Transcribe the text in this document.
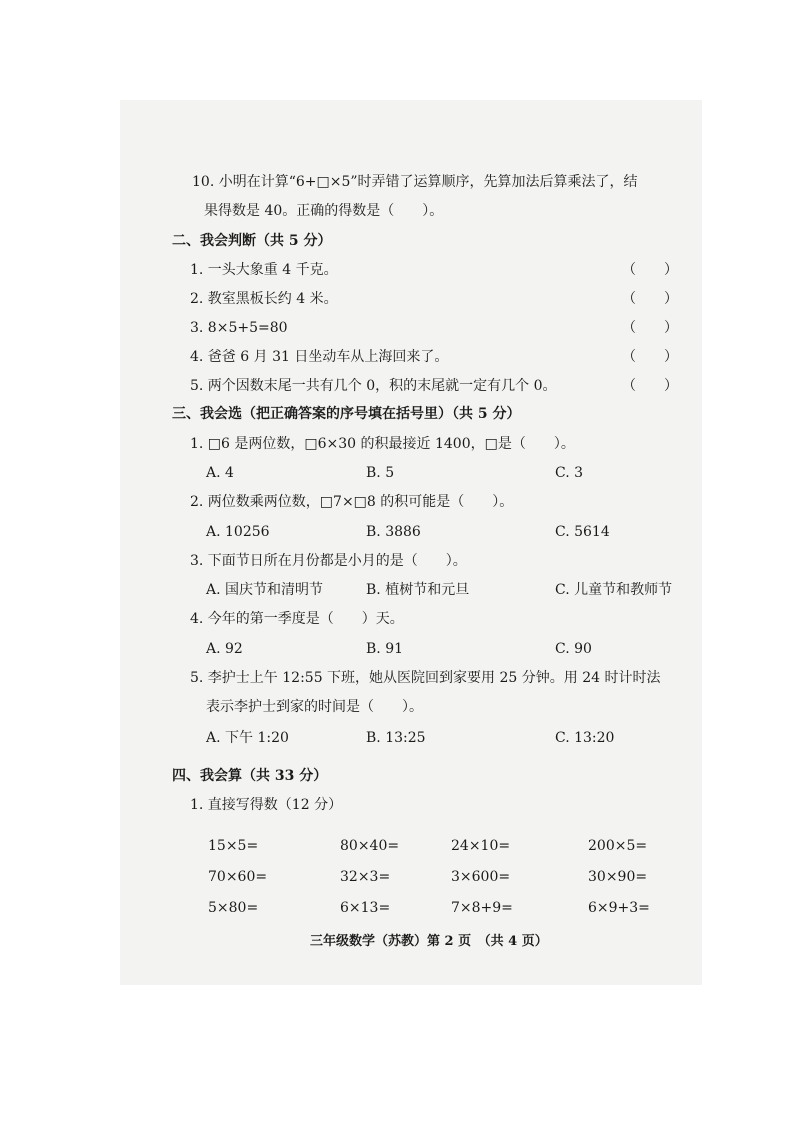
10. 小明在计算“6+□×5”时弄错了运算顺序，先算加法后算乘法了，结
果得数是 40。正确的得数是（　　）。
二、我会判断（共 5 分）
1. 一头大象重 4 千克。	（　　）
2. 教室黑板长约 4 米。	（　　）
3. 8×5+5=80	（　　）
4. 爸爸 6 月 31 日坐动车从上海回来了。	（　　）
5. 两个因数末尾一共有几个 0，积的末尾就一定有几个 0。	（　　）
三、我会选（把正确答案的序号填在括号里）（共 5 分）
1. □6 是两位数，□6×30 的积最接近 1400，□是（　　）。
A. 4	B. 5	C. 3
2. 两位数乘两位数，□7×□8 的积可能是（　　）。
A. 10256	B. 3886	C. 5614
3. 下面节日所在月份都是小月的是（　　）。
A. 国庆节和清明节	B. 植树节和元旦	C. 儿童节和教师节
4. 今年的第一季度是（　　）天。
A. 92	B. 91	C. 90
5. 李护士上午 12:55 下班，她从医院回到家要用 25 分钟。用 24 时计时法
表示李护士到家的时间是（　　）。
A. 下午 1:20	B. 13:25	C. 13:20
四、我会算（共 33 分）
1. 直接写得数（12 分）
15×5=	80×40=	24×10=	200×5=
70×60=	32×3=	3×600=	30×90=
5×80=	6×13=	7×8+9=	6×9+3=
三年级数学（苏教）第 2 页　（共 4 页）
